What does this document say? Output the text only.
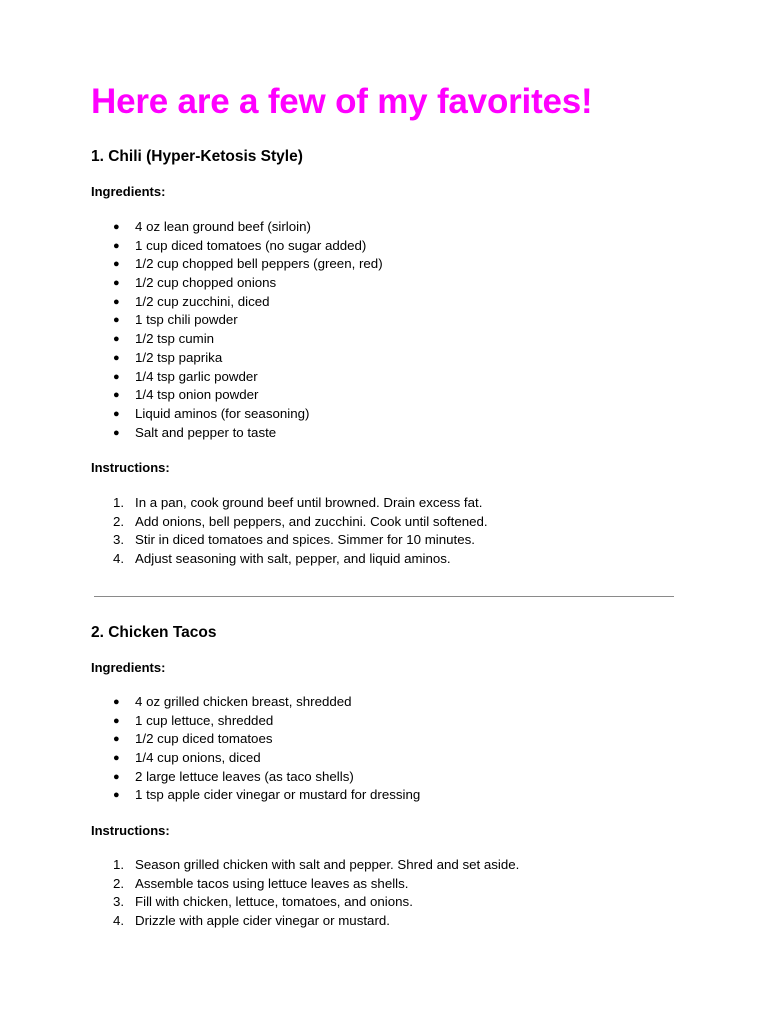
Here are a few of my favorites!
1. Chili (Hyper-Ketosis Style)
Ingredients:
● 4 oz lean ground beef (sirloin)
● 1 cup diced tomatoes (no sugar added)
● 1/2 cup chopped bell peppers (green, red)
● 1/2 cup chopped onions
● 1/2 cup zucchini, diced
● 1 tsp chili powder
● 1/2 tsp cumin
● 1/2 tsp paprika
● 1/4 tsp garlic powder
● 1/4 tsp onion powder
● Liquid aminos (for seasoning)
● Salt and pepper to taste
Instructions:
1. In a pan, cook ground beef until browned. Drain excess fat.
2. Add onions, bell peppers, and zucchini. Cook until softened.
3. Stir in diced tomatoes and spices. Simmer for 10 minutes.
4. Adjust seasoning with salt, pepper, and liquid aminos.
2. Chicken Tacos
Ingredients:
● 4 oz grilled chicken breast, shredded
● 1 cup lettuce, shredded
● 1/2 cup diced tomatoes
● 1/4 cup onions, diced
● 2 large lettuce leaves (as taco shells)
● 1 tsp apple cider vinegar or mustard for dressing
Instructions:
1. Season grilled chicken with salt and pepper. Shred and set aside.
2. Assemble tacos using lettuce leaves as shells.
3. Fill with chicken, lettuce, tomatoes, and onions.
4. Drizzle with apple cider vinegar or mustard.
